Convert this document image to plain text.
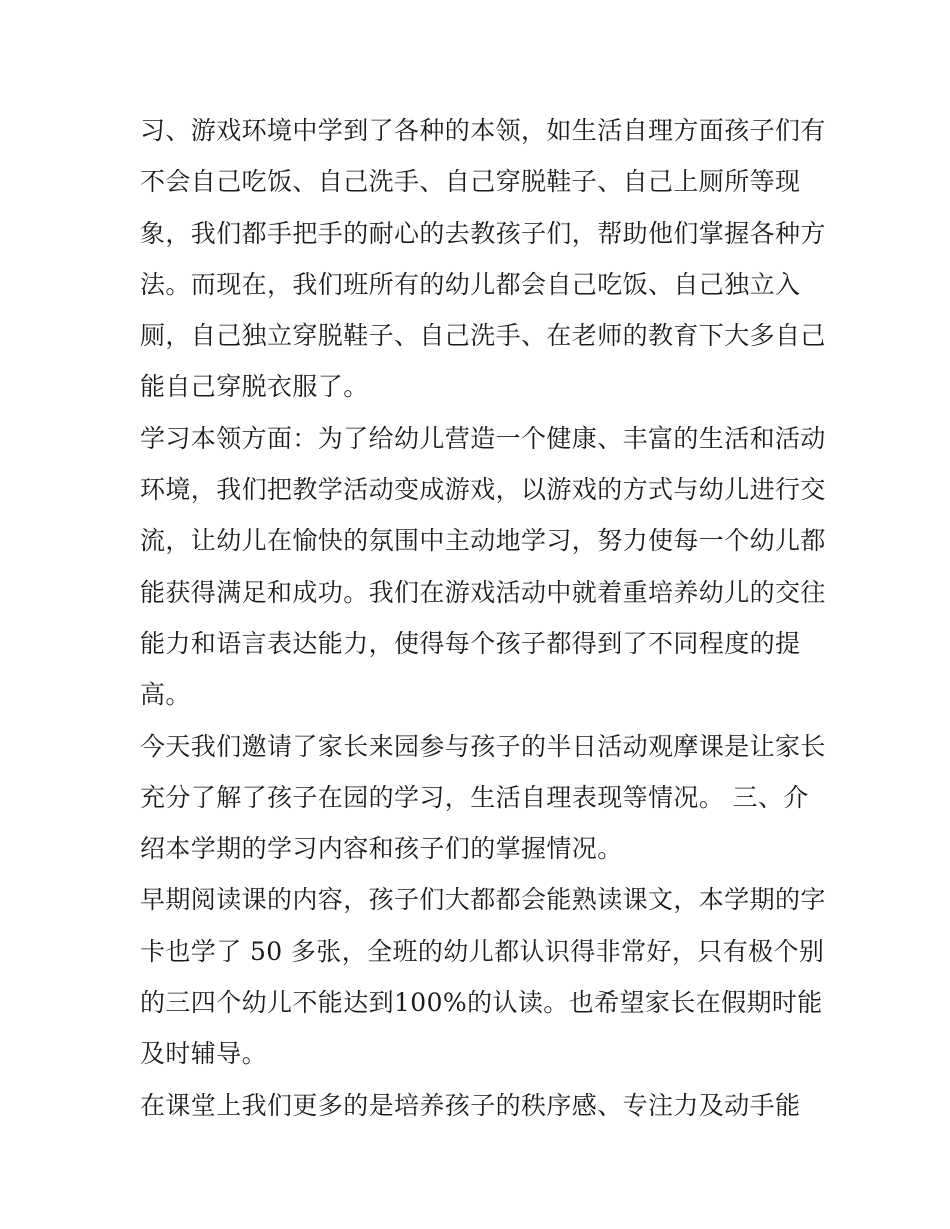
习、游戏环境中学到了各种的本领，如生活自理方面孩子们有
不会自己吃饭、自己洗手、自己穿脱鞋子、自己上厕所等现
象，我们都手把手的耐心的去教孩子们，帮助他们掌握各种方
法。而现在，我们班所有的幼儿都会自己吃饭、自己独立入
厕，自己独立穿脱鞋子、自己洗手、在老师的教育下大多自己
能自己穿脱衣服了。
学习本领方面：为了给幼儿营造一个健康、丰富的生活和活动
环境，我们把教学活动变成游戏，以游戏的方式与幼儿进行交
流，让幼儿在愉快的氛围中主动地学习，努力使每一个幼儿都
能获得满足和成功。我们在游戏活动中就着重培养幼儿的交往
能力和语言表达能力，使得每个孩子都得到了不同程度的提
高。
今天我们邀请了家长来园参与孩子的半日活动观摩课是让家长
充分了解了孩子在园的学习，生活自理表现等情况。 三、介
绍本学期的学习内容和孩子们的掌握情况。
早期阅读课的内容，孩子们大都都会能熟读课文，本学期的字
卡也学了 50 多张，全班的幼儿都认识得非常好，只有极个别
的三四个幼儿不能达到100%的认读。也希望家长在假期时能
及时辅导。
在课堂上我们更多的是培养孩子的秩序感、专注力及动手能
